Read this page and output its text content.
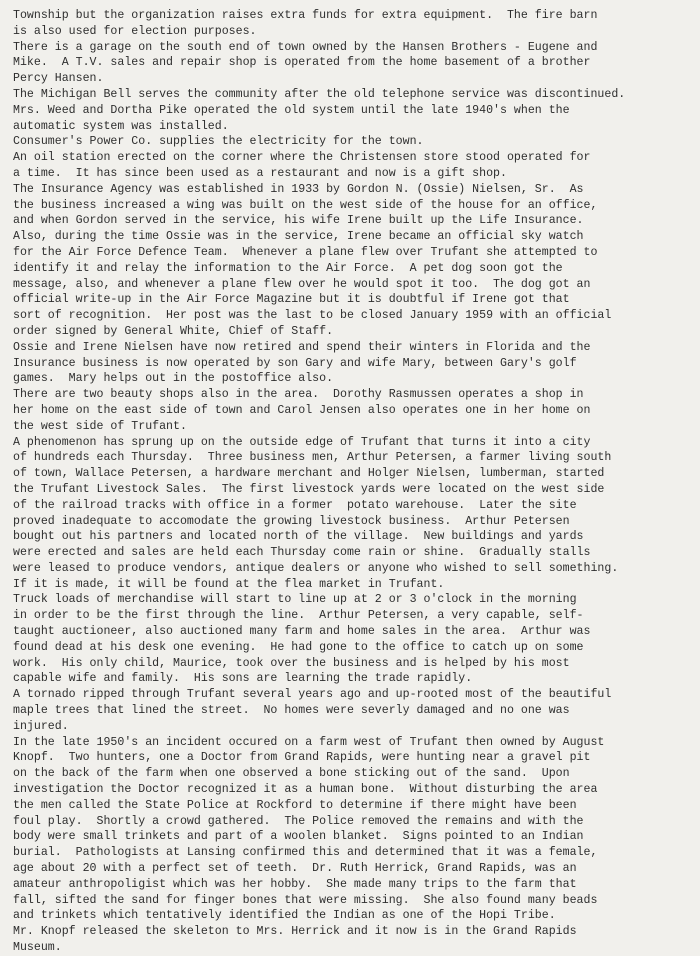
Township but the organization raises extra funds for extra equipment.  The fire barn
is also used for election purposes.
There is a garage on the south end of town owned by the Hansen Brothers - Eugene and
Mike.  A T.V. sales and repair shop is operated from the home basement of a brother
Percy Hansen.
The Michigan Bell serves the community after the old telephone service was discontinued.
Mrs. Weed and Dortha Pike operated the old system until the late 1940's when the
automatic system was installed.
Consumer's Power Co. supplies the electricity for the town.
An oil station erected on the corner where the Christensen store stood operated for
a time.  It has since been used as a restaurant and now is a gift shop.
The Insurance Agency was established in 1933 by Gordon N. (Ossie) Nielsen, Sr.  As
the business increased a wing was built on the west side of the house for an office,
and when Gordon served in the service, his wife Irene built up the Life Insurance.
Also, during the time Ossie was in the service, Irene became an official sky watch
for the Air Force Defence Team.  Whenever a plane flew over Trufant she attempted to
identify it and relay the information to the Air Force.  A pet dog soon got the
message, also, and whenever a plane flew over he would spot it too.  The dog got an
official write-up in the Air Force Magazine but it is doubtful if Irene got that
sort of recognition.  Her post was the last to be closed January 1959 with an official
order signed by General White, Chief of Staff.
Ossie and Irene Nielsen have now retired and spend their winters in Florida and the
Insurance business is now operated by son Gary and wife Mary, between Gary's golf
games.  Mary helps out in the postoffice also.
There are two beauty shops also in the area.  Dorothy Rasmussen operates a shop in
her home on the east side of town and Carol Jensen also operates one in her home on
the west side of Trufant.
A phenomenon has sprung up on the outside edge of Trufant that turns it into a city
of hundreds each Thursday.  Three business men, Arthur Petersen, a farmer living south
of town, Wallace Petersen, a hardware merchant and Holger Nielsen, lumberman, started
the Trufant Livestock Sales.  The first livestock yards were located on the west side
of the railroad tracks with office in a former  potato warehouse.  Later the site
proved inadequate to accomodate the growing livestock business.  Arthur Petersen
bought out his partners and located north of the village.  New buildings and yards
were erected and sales are held each Thursday come rain or shine.  Gradually stalls
were leased to produce vendors, antique dealers or anyone who wished to sell something.
If it is made, it will be found at the flea market in Trufant.
Truck loads of merchandise will start to line up at 2 or 3 o'clock in the morning
in order to be the first through the line.  Arthur Petersen, a very capable, self-
taught auctioneer, also auctioned many farm and home sales in the area.  Arthur was
found dead at his desk one evening.  He had gone to the office to catch up on some
work.  His only child, Maurice, took over the business and is helped by his most
capable wife and family.  His sons are learning the trade rapidly.
A tornado ripped through Trufant several years ago and up-rooted most of the beautiful
maple trees that lined the street.  No homes were severly damaged and no one was
injured.
In the late 1950's an incident occured on a farm west of Trufant then owned by August
Knopf.  Two hunters, one a Doctor from Grand Rapids, were hunting near a gravel pit
on the back of the farm when one observed a bone sticking out of the sand.  Upon
investigation the Doctor recognized it as a human bone.  Without disturbing the area
the men called the State Police at Rockford to determine if there might have been
foul play.  Shortly a crowd gathered.  The Police removed the remains and with the
body were small trinkets and part of a woolen blanket.  Signs pointed to an Indian
burial.  Pathologists at Lansing confirmed this and determined that it was a female,
age about 20 with a perfect set of teeth.  Dr. Ruth Herrick, Grand Rapids, was an
amateur anthropoligist which was her hobby.  She made many trips to the farm that
fall, sifted the sand for finger bones that were missing.  She also found many beads
and trinkets which tentatively identified the Indian as one of the Hopi Tribe.
Mr. Knopf released the skeleton to Mrs. Herrick and it now is in the Grand Rapids
Museum.
